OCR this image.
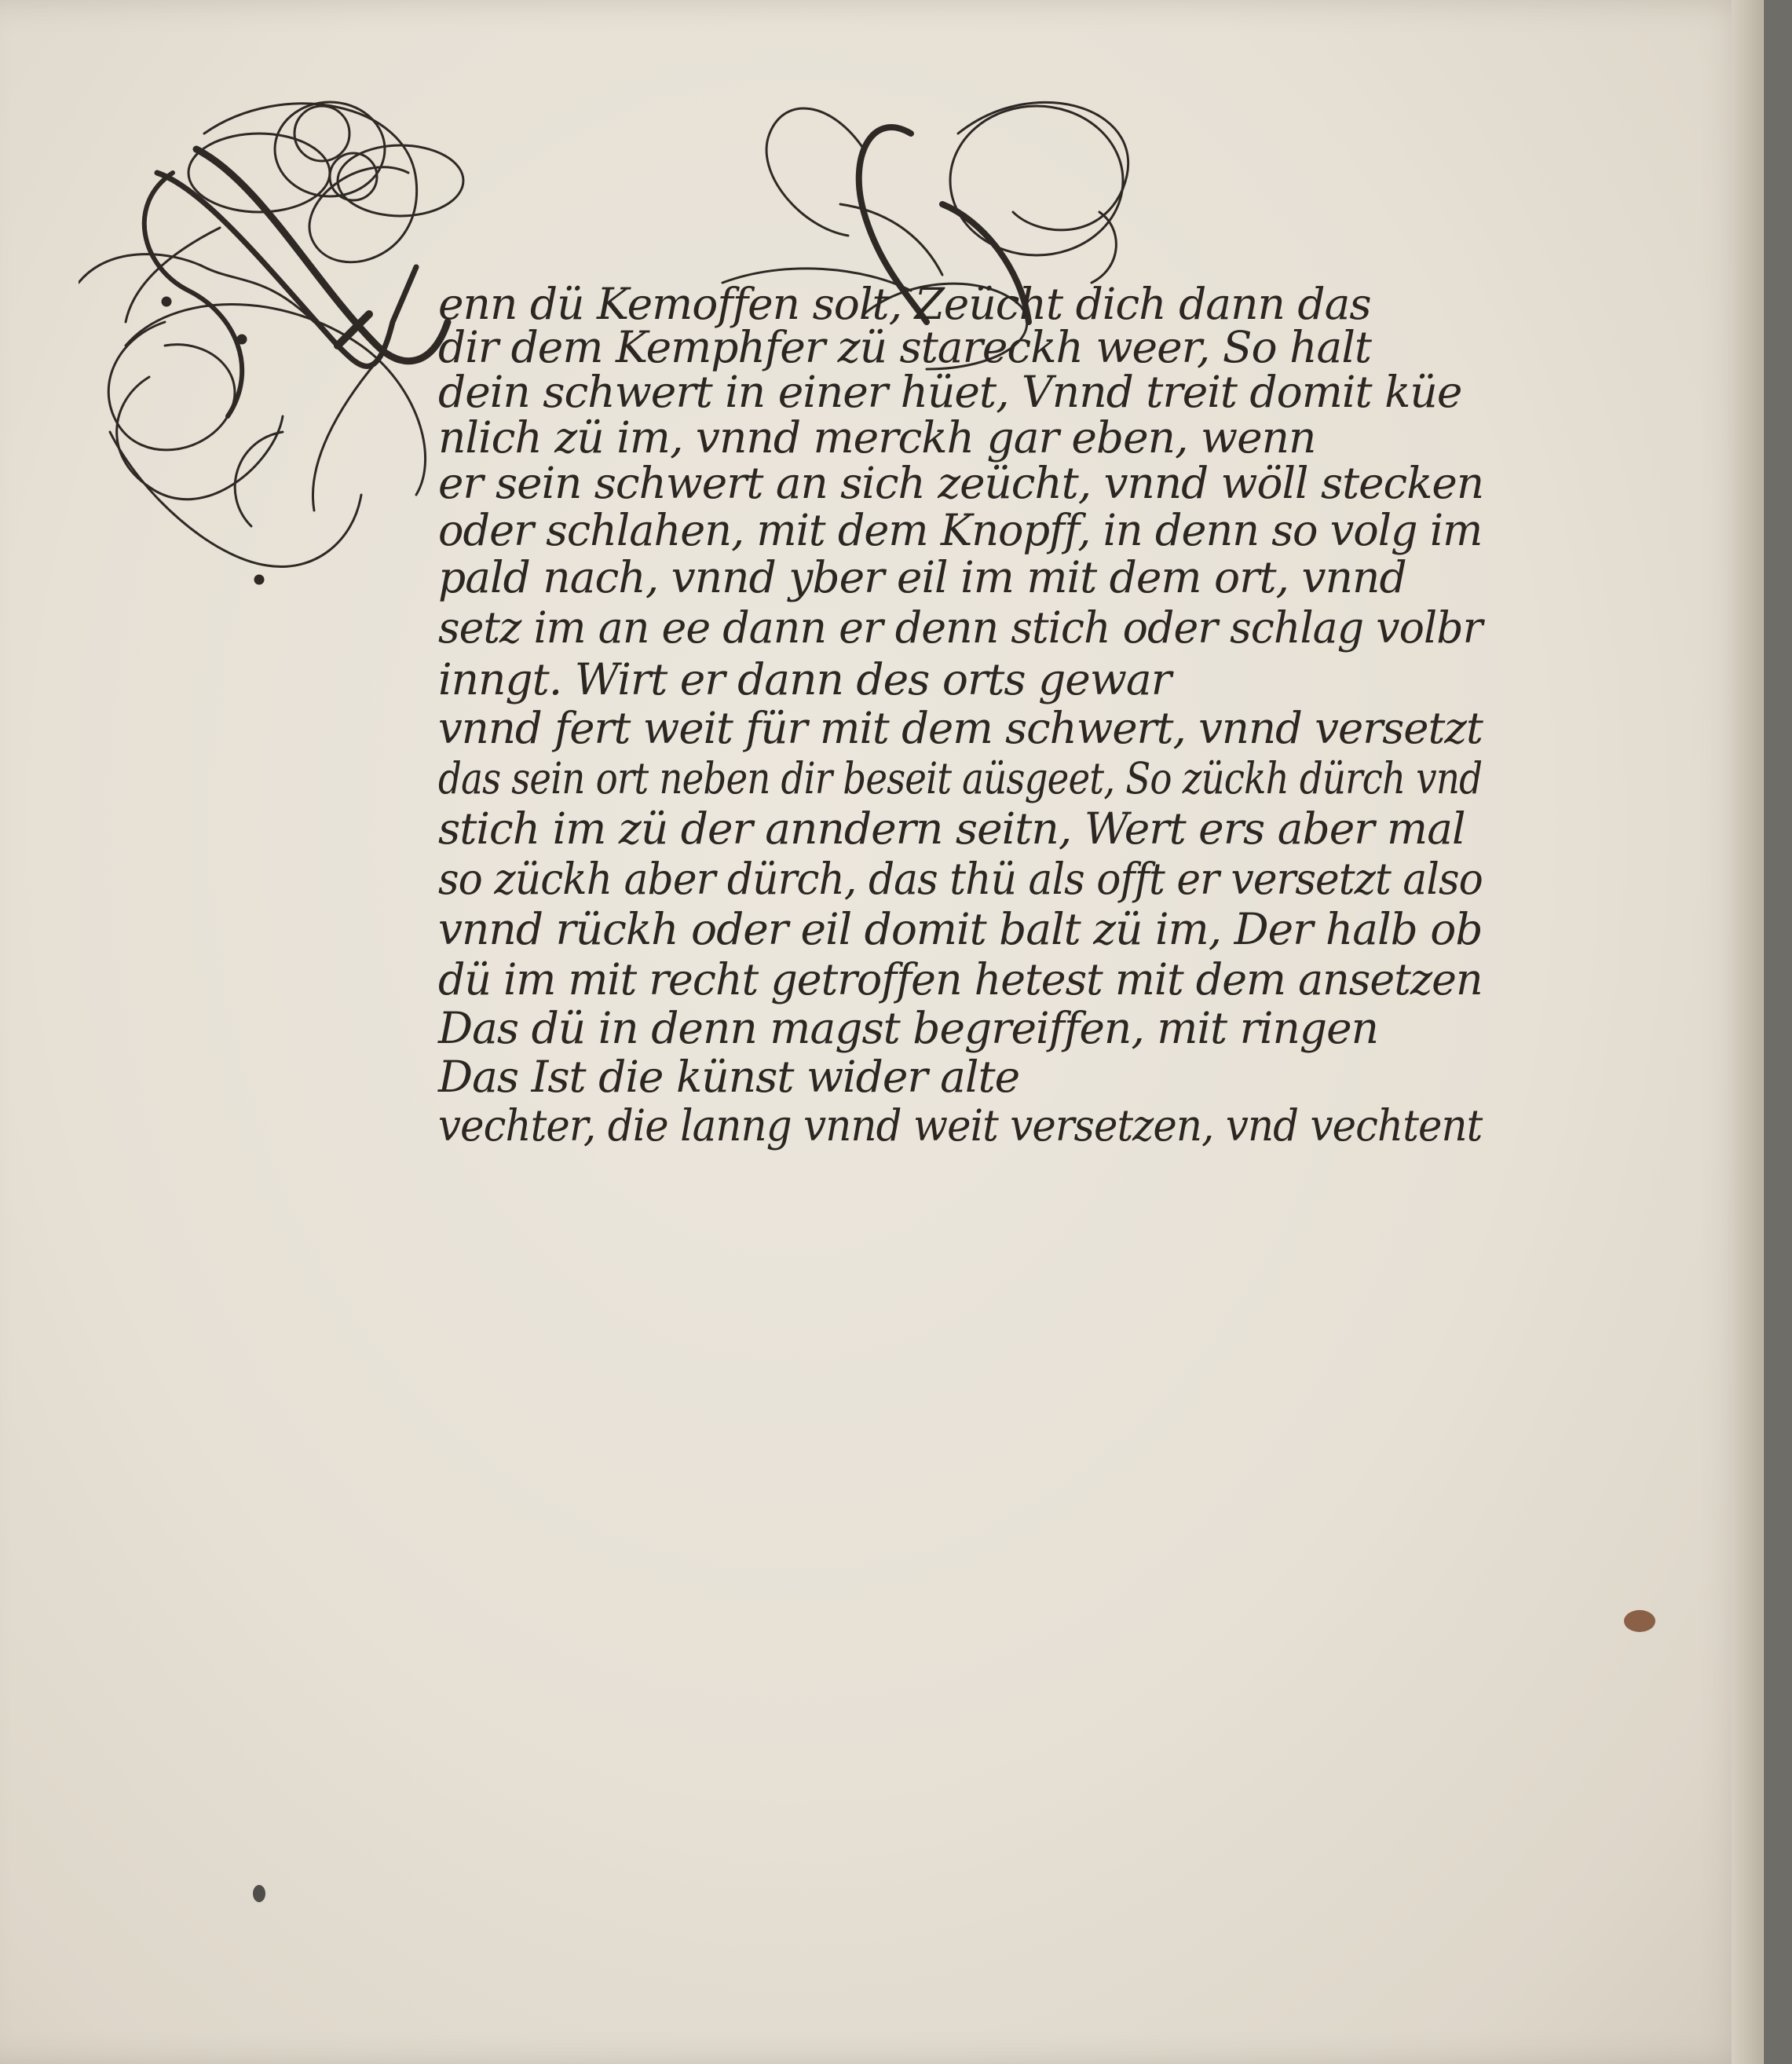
enn dü Kemoffen solt, Zeücht dich dann das
dir dem Kemphfer zü stareckh weer, So halt
dein schwert in einer hüet, Vnnd treit domit küe
nlich zü im, vnnd merckh gar eben, wenn
er sein schwert an sich zeücht, vnnd wöll stecken
oder schlahen, mit dem Knopff, in denn so volg im
pald nach, vnnd yber eil im mit dem ort, vnnd
setz im an ee dann er denn stich oder schlag volbr
inngt. Wirt er dann des orts gewar
vnnd fert weit für mit dem schwert, vnnd versetzt
das sein ort neben dir beseit aüsgeet, So zückh dürch vnd
stich im zü der anndern seitn, Wert ers aber mal
so zückh aber dürch, das thü als offt er versetzt also
vnnd rückh oder eil domit balt zü im, Der halb ob
dü im mit recht getroffen hetest mit dem ansetzen
Das dü in denn magst begreiffen, mit ringen
Das Ist die künst wider alte
vechter, die lanng vnnd weit versetzen, vnd vechtent
